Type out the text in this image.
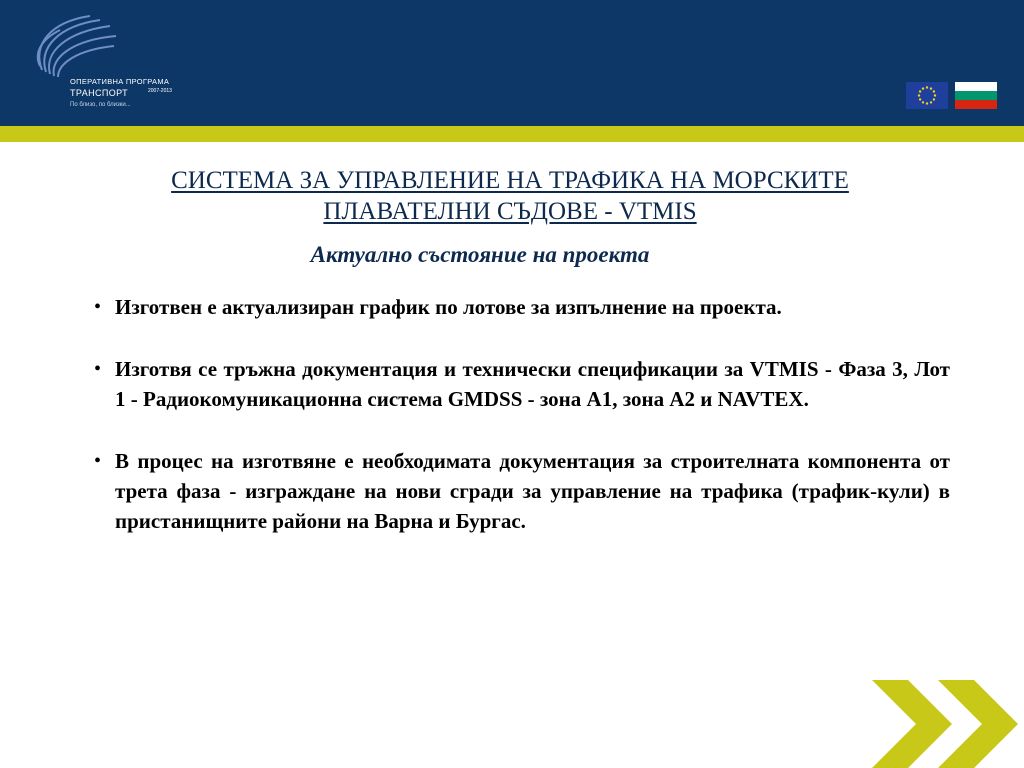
ОПЕРАТИВНА ПРОГРАМА
ТРАНСПОРТ	2007-2013
По близо, по близки...
СИСТЕМА ЗА УПРАВЛЕНИЕ НА ТРАФИКА НА МОРСКИТЕ
ПЛАВАТЕЛНИ СЪДОВЕ - VTMIS
Актуално състояние на проекта
• Изготвен е актуализиран график по лотове за изпълнение на проекта.
• Изготвя се тръжна документация и технически спецификации за VTMIS - Фаза 3, Лот 1 - Радиокомуникационна система GMDSS - зона А1, зона А2 и NAVTEX.
• В процес на изготвяне е необходимата документация за строителната компонента от трета фаза - изграждане на нови сгради за управление на трафика (трафик-кули) в пристанищните райони на Варна и Бургас.
